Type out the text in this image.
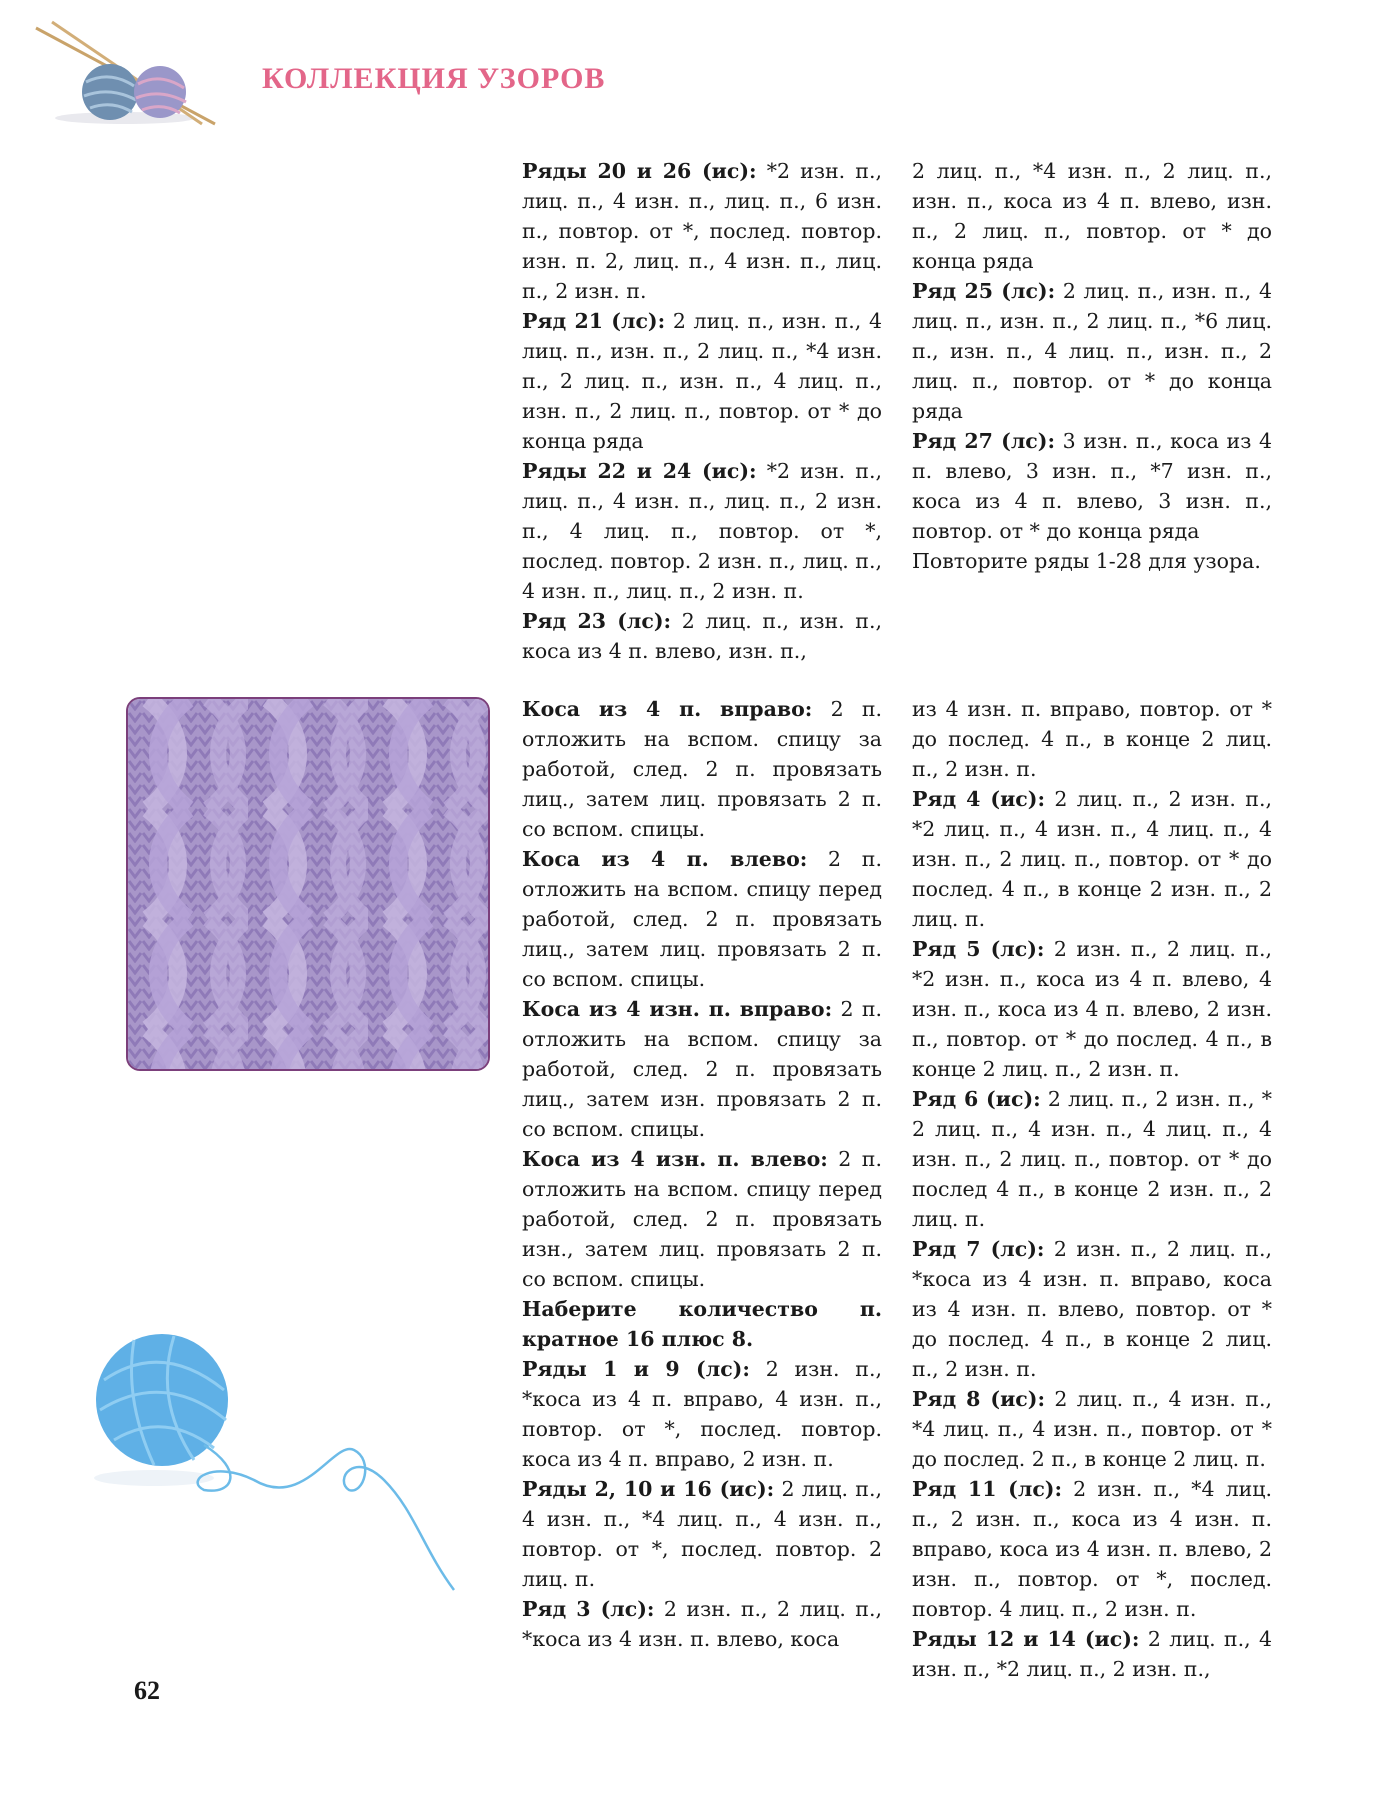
КОЛЛЕКЦИЯ УЗОРОВ

Ряды 20 и 26 (ис): *2 изн. п., лиц. п., 4 изн. п., лиц. п., 6 изн. п., повтор. от *, послед. повтор. изн. п. 2, лиц. п., 4 изн. п., лиц. п., 2 изн. п.

Ряд 21 (лс): 2 лиц. п., изн. п., 4 лиц. п., изн. п., 2 лиц. п., *4 изн. п., 2 лиц. п., изн. п., 4 лиц. п., изн. п., 2 лиц. п., повтор. от * до конца ряда

Ряды 22 и 24 (ис): *2 изн. п., лиц. п., 4 изн. п., лиц. п., 2 изн. п., 4 лиц. п., повтор. от *, послед. повтор. 2 изн. п., лиц. п., 4 изн. п., лиц. п., 2 изн. п.

Ряд 23 (лс): 2 лиц. п., изн. п., коса из 4 п. влево, изн. п.,

2 лиц. п., *4 изн. п., 2 лиц. п., изн. п., коса из 4 п. влево, изн. п., 2 лиц. п., повтор. от * до конца ряда

Ряд 25 (лс): 2 лиц. п., изн. п., 4 лиц. п., изн. п., 2 лиц. п., *6 лиц. п., изн. п., 4 лиц. п., изн. п., 2 лиц. п., повтор. от * до конца ряда

Ряд 27 (лс): 3 изн. п., коса из 4 п. влево, 3 изн. п., *7 изн. п., коса из 4 п. влево, 3 изн. п., повтор. от * до конца ряда

Повторите ряды 1-28 для узора.

Коса из 4 п. вправо: 2 п. отложить на вспом. спицу за работой, след. 2 п. провязать лиц., затем лиц. провязать 2 п. со вспом. спицы.

Коса из 4 п. влево: 2 п. отложить на вспом. спицу перед работой, след. 2 п. провязать лиц., затем лиц. провязать 2 п. со вспом. спицы.

Коса из 4 изн. п. вправо: 2 п. отложить на вспом. спицу за работой, след. 2 п. провязать лиц., затем изн. провязать 2 п. со вспом. спицы.

Коса из 4 изн. п. влево: 2 п. отложить на вспом. спицу перед работой, след. 2 п. провязать изн., затем лиц. провязать 2 п. со вспом. спицы.

Наберите количество п. кратное 16 плюс 8.

Ряды 1 и 9 (лс): 2 изн. п., *коса из 4 п. вправо, 4 изн. п., повтор. от *, послед. повтор. коса из 4 п. вправо, 2 изн. п.

Ряды 2, 10 и 16 (ис): 2 лиц. п., 4 изн. п., *4 лиц. п., 4 изн. п., повтор. от *, послед. повтор. 2 лиц. п.

Ряд 3 (лс): 2 изн. п., 2 лиц. п., *коса из 4 изн. п. влево, коса

из 4 изн. п. вправо, повтор. от * до послед. 4 п., в конце 2 лиц. п., 2 изн. п.

Ряд 4 (ис): 2 лиц. п., 2 изн. п., *2 лиц. п., 4 изн. п., 4 лиц. п., 4 изн. п., 2 лиц. п., повтор. от * до послед. 4 п., в конце 2 изн. п., 2 лиц. п.

Ряд 5 (лс): 2 изн. п., 2 лиц. п., *2 изн. п., коса из 4 п. влево, 4 изн. п., коса из 4 п. влево, 2 изн. п., повтор. от * до послед. 4 п., в конце 2 лиц. п., 2 изн. п.

Ряд 6 (ис): 2 лиц. п., 2 изн. п., * 2 лиц. п., 4 изн. п., 4 лиц. п., 4 изн. п., 2 лиц. п., повтор. от * до послед 4 п., в конце 2 изн. п., 2 лиц. п.

Ряд 7 (лс): 2 изн. п., 2 лиц. п., *коса из 4 изн. п. вправо, коса из 4 изн. п. влево, повтор. от * до послед. 4 п., в конце 2 лиц. п., 2 изн. п.

Ряд 8 (ис): 2 лиц. п., 4 изн. п., *4 лиц. п., 4 изн. п., повтор. от * до послед. 2 п., в конце 2 лиц. п.

Ряд 11 (лс): 2 изн. п., *4 лиц. п., 2 изн. п., коса из 4 изн. п. вправо, коса из 4 изн. п. влево, 2 изн. п., повтор. от *, послед. повтор. 4 лиц. п., 2 изн. п.

Ряды 12 и 14 (ис): 2 лиц. п., 4 изн. п., *2 лиц. п., 2 изн. п.,

62
